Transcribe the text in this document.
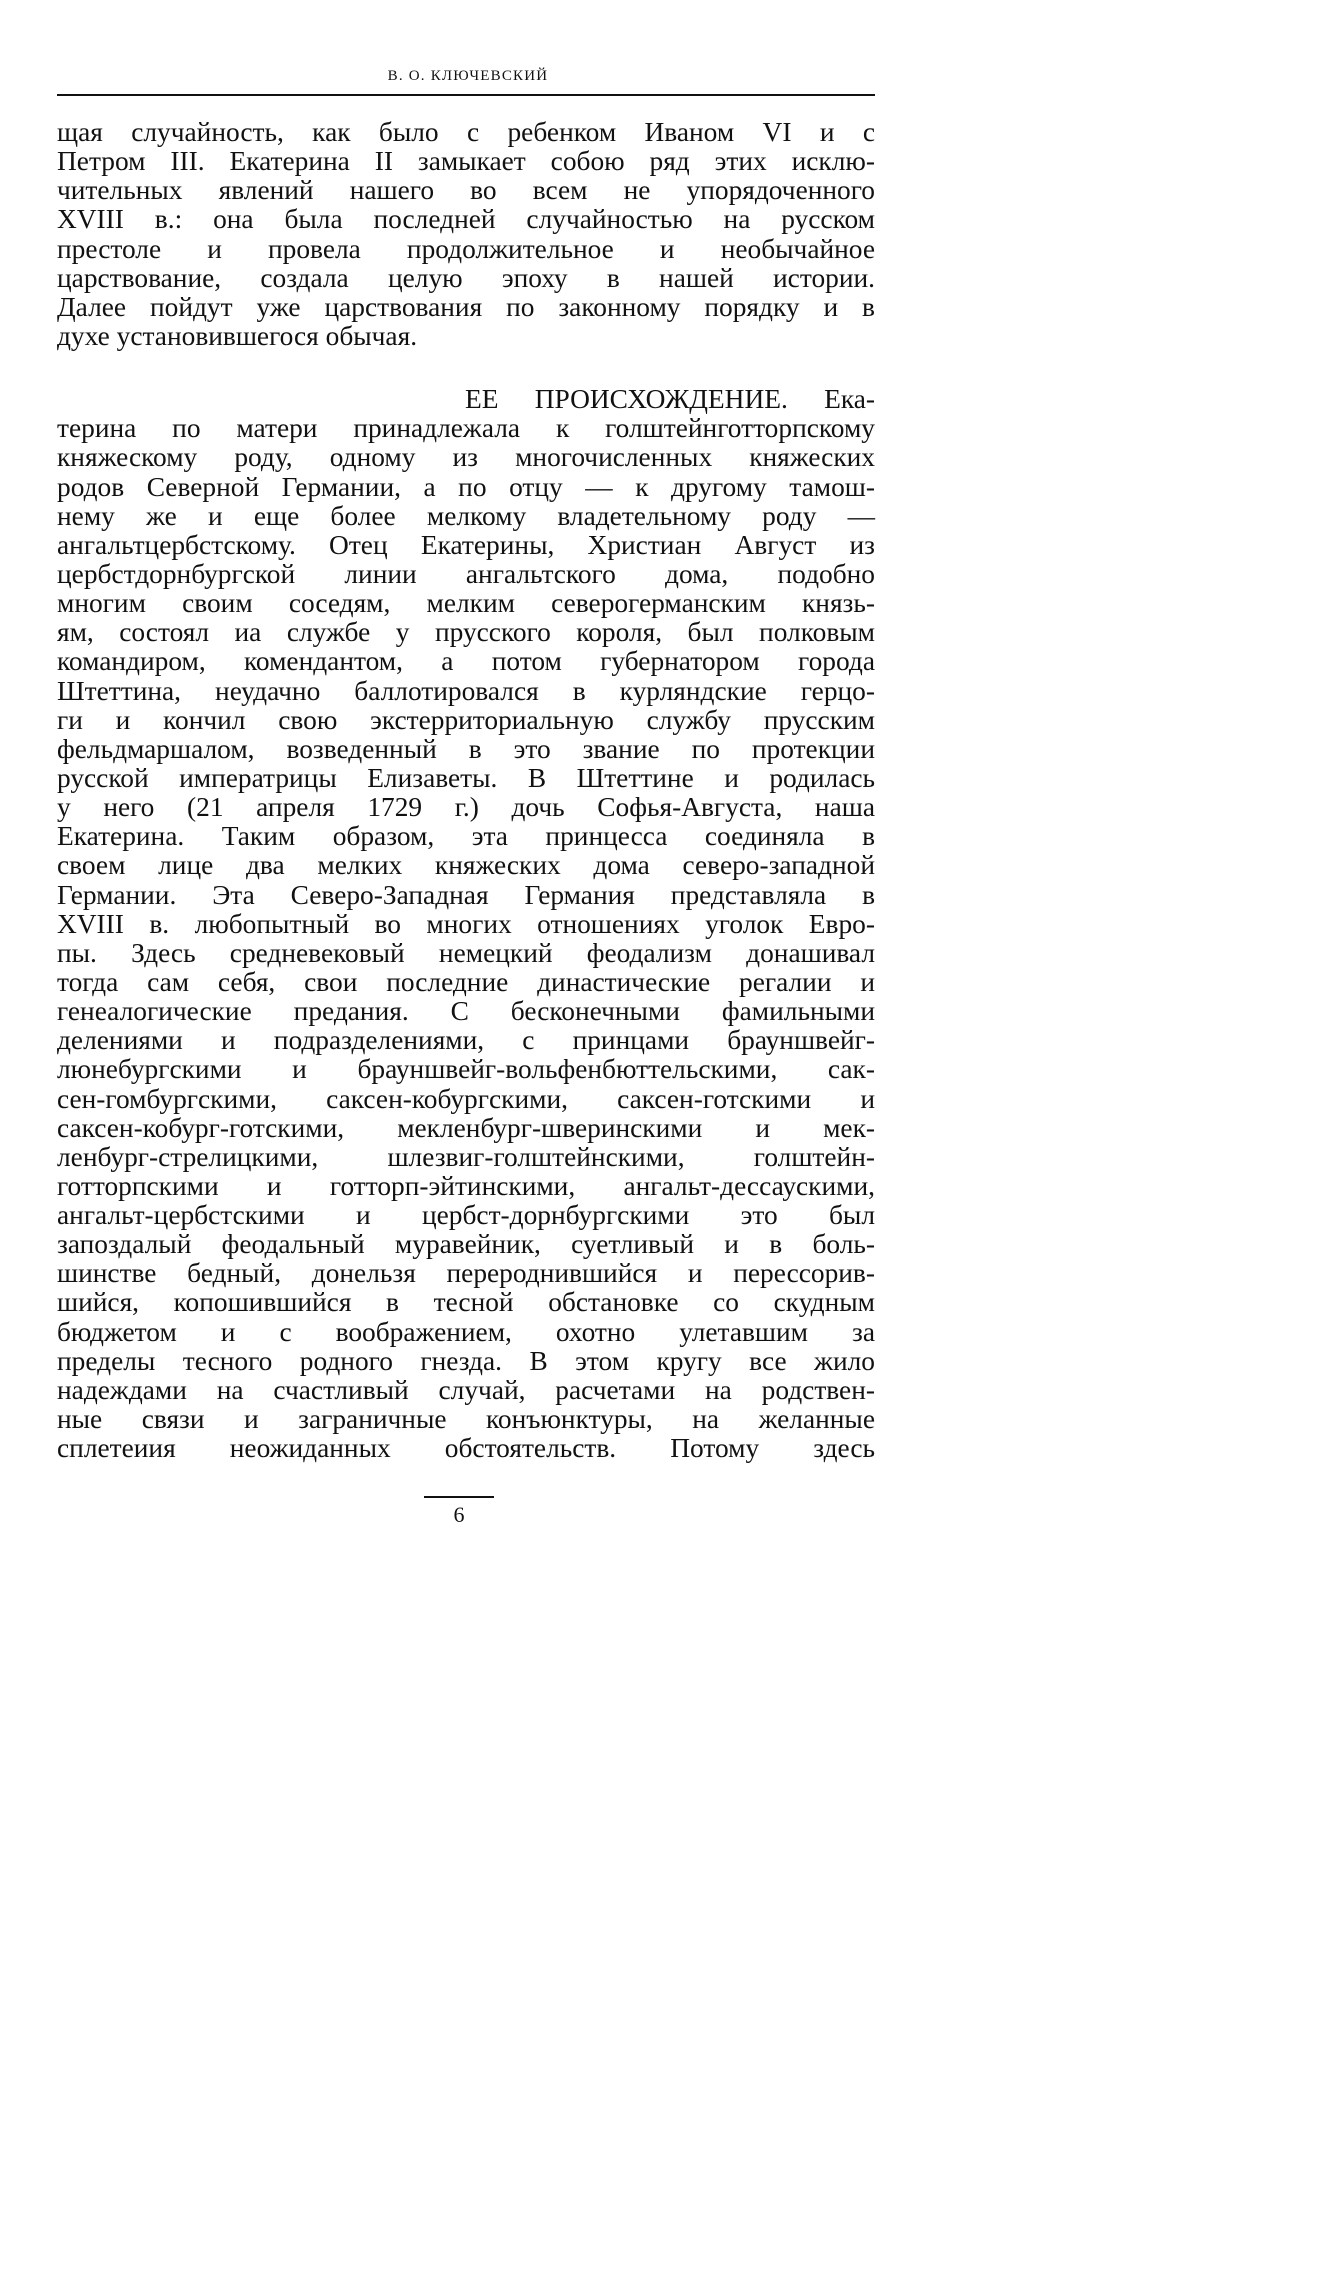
В. О. КЛЮЧЕВСКИЙ
щая случайность, как было с ребенком Иваном VI и с
Петром III. Екатерина II замыкает собою ряд этих исклю-
чительных явлений нашего во всем не упорядоченного
XVIII в.: она была последней случайностью на русском
престоле и провела продолжительное и необычайное
царствование, создала целую эпоху в нашей истории.
Далее пойдут уже царствования по законному порядку и в
духе установившегося обычая.
ЕЕ ПРОИСХОЖДЕНИЕ. Ека-
терина по матери принадлежала к голштейнготторпскому
княжескому роду, одному из многочисленных княжеских
родов Северной Германии, а по отцу — к другому тамош-
нему же и еще более мелкому владетельному роду —
ангальтцербстскому. Отец Екатерины, Христиан Август из
цербстдорнбургской линии ангальтского дома, подобно
многим своим соседям, мелким северогерманским князь-
ям, состоял иа службе у прусского короля, был полковым
командиром, комендантом, а потом губернатором города
Штеттина, неудачно баллотировался в курляндские герцо-
ги и кончил свою экстерриториальную службу прусским
фельдмаршалом, возведенный в это звание по протекции
русской императрицы Елизаветы. В Штеттине и родилась
у него (21 апреля 1729 г.) дочь Софья-Августа, наша
Екатерина. Таким образом, эта принцесса соединяла в
своем лице два мелких княжеских дома северо-западной
Германии. Эта Северо-Западная Германия представляла в
XVIII в. любопытный во многих отношениях уголок Евро-
пы. Здесь средневековый немецкий феодализм донашивал
тогда сам себя, свои последние династические регалии и
генеалогические предания. С бесконечными фамильными
делениями и подразделениями, с принцами брауншвейг-
люнебургскими и брауншвейг-вольфенбюттельскими, сак-
сен-гомбургскими, саксен-кобургскими, саксен-готскими и
саксен-кобург-готскими, мекленбург-шверинскими и мек-
ленбург-стрелицкими, шлезвиг-голштейнскими, голштейн-
готторпскими и готторп-эйтинскими, ангальт-дессаускими,
ангальт-цербстскими и цербст-дорнбургскими это был
запоздалый феодальный муравейник, суетливый и в боль-
шинстве бедный, донельзя перероднившийся и перессорив-
шийся, копошившийся в тесной обстановке со скудным
бюджетом и с воображением, охотно улетавшим за
пределы тесного родного гнезда. В этом кругу все жило
надеждами на счастливый случай, расчетами на родствен-
ные связи и заграничные конъюнктуры, на желанные
сплетеиия неожиданных обстоятельств. Потому здесь
6
